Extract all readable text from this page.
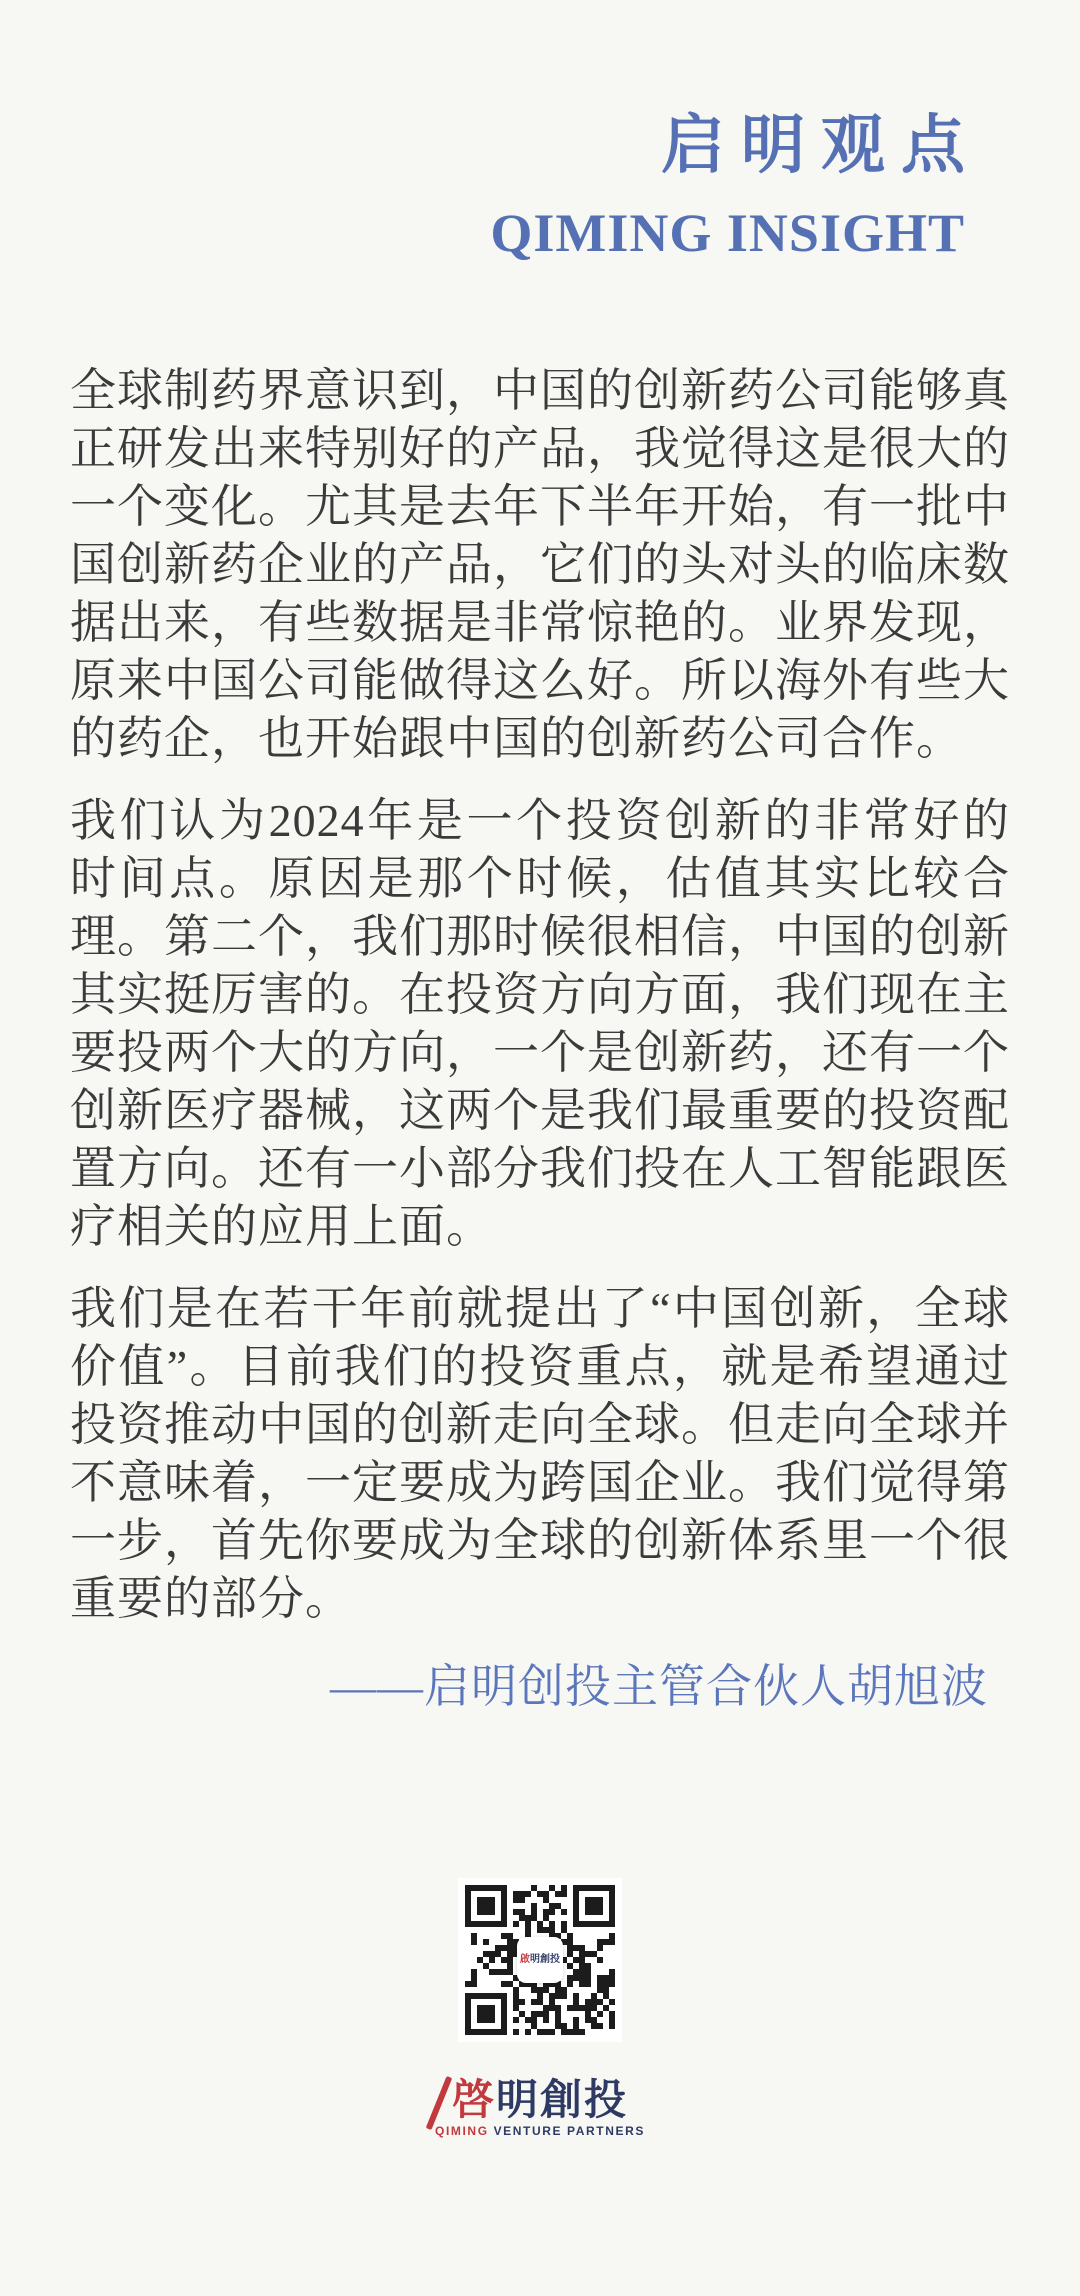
启明观点
QIMING INSIGHT

全球制药界意识到，中国的创新药公司能够真正研发出来特别好的产品，我觉得这是很大的一个变化。尤其是去年下半年开始，有一批中国创新药企业的产品，它们的头对头的临床数据出来，有些数据是非常惊艳的。业界发现，原来中国公司能做得这么好。所以海外有些大的药企，也开始跟中国的创新药公司合作。

我们认为2024年是一个投资创新的非常好的时间点。原因是那个时候，估值其实比较合理。第二个，我们那时候很相信，中国的创新其实挺厉害的。在投资方向方面，我们现在主要投两个大的方向，一个是创新药，还有一个创新医疗器械，这两个是我们最重要的投资配置方向。还有一小部分我们投在人工智能跟医疗相关的应用上面。

我们是在若干年前就提出了“中国创新，全球价值”。目前我们的投资重点，就是希望通过投资推动中国的创新走向全球。但走向全球并不意味着，一定要成为跨国企业。我们觉得第一步，首先你要成为全球的创新体系里一个很重要的部分。

——启明创投主管合伙人胡旭波
啟明創投
啓明創投
QIMING VENTURE PARTNERS
